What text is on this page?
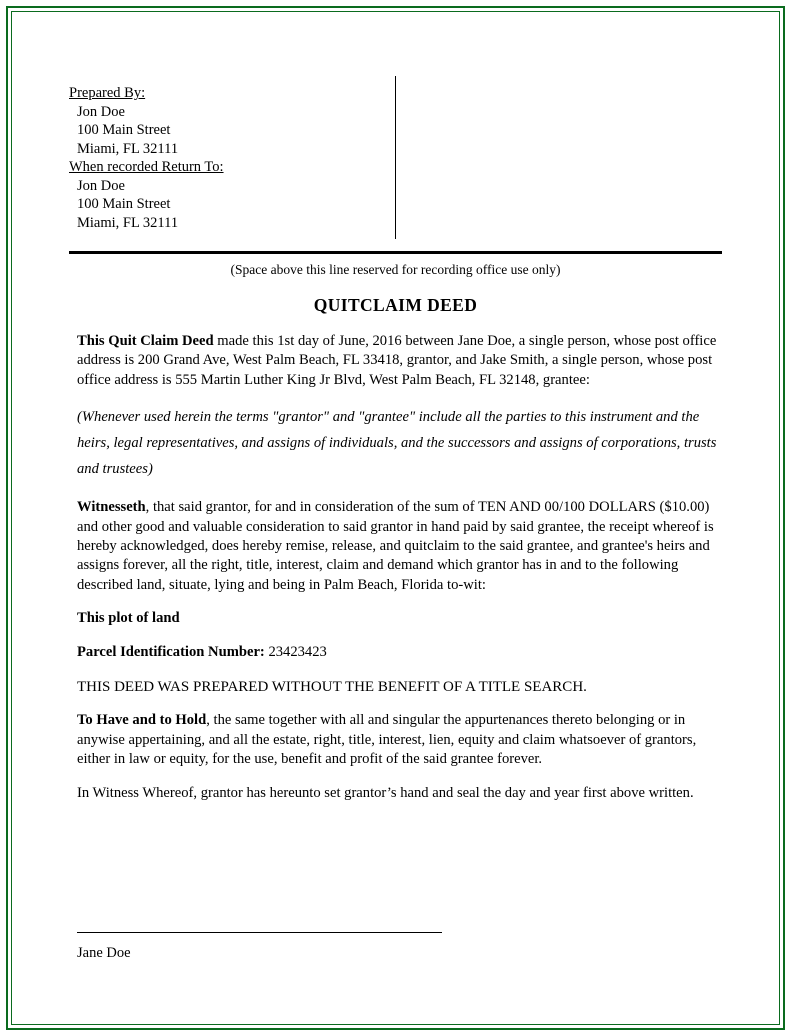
Prepared By:
Jon Doe
100 Main Street
Miami, FL 32111
When recorded Return To:
Jon Doe
100 Main Street
Miami, FL 32111
(Space above this line reserved for recording office use only)
QUITCLAIM DEED

This Quit Claim Deed made this 1st day of June, 2016 between Jane Doe, a single person, whose post office address is 200 Grand Ave, West Palm Beach, FL 33418, grantor, and Jake Smith, a single person, whose post office address is 555 Martin Luther King Jr Blvd, West Palm Beach, FL 32148, grantee:

(Whenever used herein the terms "grantor" and "grantee" include all the parties to this instrument and the heirs, legal representatives, and assigns of individuals, and the successors and assigns of corporations, trusts and trustees)

Witnesseth, that said grantor, for and in consideration of the sum of TEN AND 00/100 DOLLARS ($10.00) and other good and valuable consideration to said grantor in hand paid by said grantee, the receipt whereof is hereby acknowledged, does hereby remise, release, and quitclaim to the said grantee, and grantee's heirs and assigns forever, all the right, title, interest, claim and demand which grantor has in and to the following described land, situate, lying and being in Palm Beach, Florida to-wit:

This plot of land

Parcel Identification Number: 23423423

THIS DEED WAS PREPARED WITHOUT THE BENEFIT OF A TITLE SEARCH.

To Have and to Hold, the same together with all and singular the appurtenances thereto belonging or in anywise appertaining, and all the estate, right, title, interest, lien, equity and claim whatsoever of grantors, either in law or equity, for the use, benefit and profit of the said grantee forever.

In Witness Whereof, grantor has hereunto set grantor’s hand and seal the day and year first above written.

Jane Doe
